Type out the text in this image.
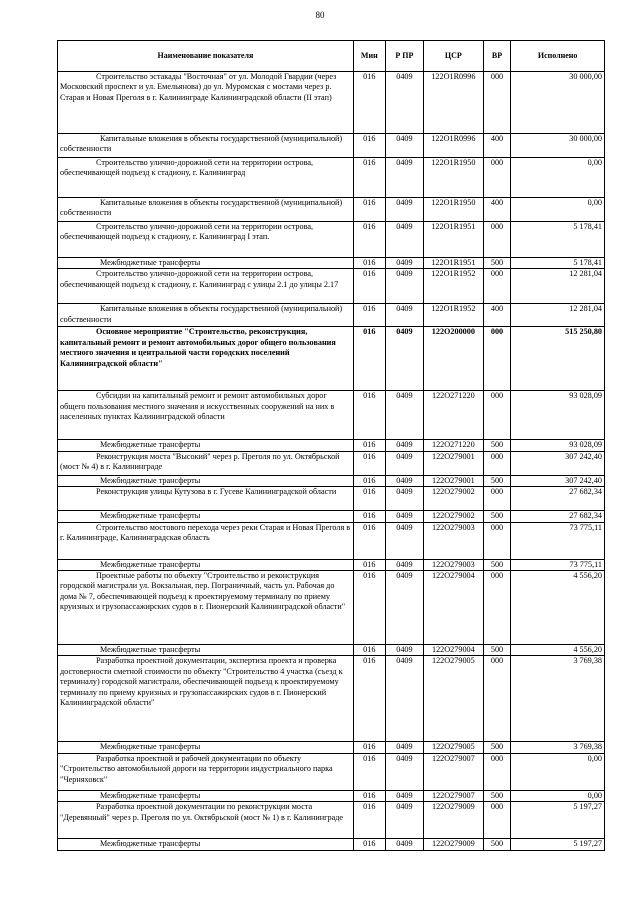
80
Наименование показателя	Мин	Р ПР	ЦСР	ВР	Исполнено
Строительство эстакады "Восточная" от ул. Молодой Гвардии (через Московский проспект и ул. Емельянова) до ул. Муромская с мостами через р. Старая и Новая Преголя в г. Калининграде Калининградской области (II этап)	016	0409	122O1R0996	000	30 000,00
Капитальные вложения в объекты государственной (муниципальной) собственности	016	0409	122O1R0996	400	30 000,00
Строительство улично-дорожной сети на территории острова, обеспечивающей подъезд к стадиону, г. Калининград	016	0409	122O1R1950	000	0,00
Капитальные вложения в объекты государственной (муниципальной) собственности	016	0409	122O1R1950	400	0,00
Строительство улично-дорожной сети на территории острова, обеспечивающей подъезд к стадиону, г. Калининград I этап.	016	0409	122O1R1951	000	5 178,41
Межбюджетные трансферты	016	0409	122O1R1951	500	5 178,41
Строительство улично-дорожной сети на территории острова, обеспечивающей подъезд к стадиону, г. Калининград с улицы 2.1 до улицы 2.17	016	0409	122O1R1952	000	12 281,04
Капитальные вложения в объекты государственной (муниципальной) собственности	016	0409	122O1R1952	400	12 281,04
Основное мероприятие "Строительство, реконструкция, капитальный ремонт и ремонт автомобильных дорог общего пользования местного значения и центральной части городских поселений Калининградской области"	016	0409	122O200000	000	515 250,80
Субсидии на капитальный ремонт и ремонт автомобильных дорог общего пользования местного значения и искусственных сооружений на них в населенных пунктах Калининградской области	016	0409	122O271220	000	93 028,09
Межбюджетные трансферты	016	0409	122O271220	500	93 028,09
Реконструкция моста "Высокий" через р. Преголя по ул. Октябрьской (мост № 4) в г. Калининграде	016	0409	122O279001	000	307 242,40
Межбюджетные трансферты	016	0409	122O279001	500	307 242,40
Реконструкция улицы Кутузова в г. Гусеве Калининградской области	016	0409	122O279002	000	27 682,34
Межбюджетные трансферты	016	0409	122O279002	500	27 682,34
Строительство мостового перехода через реки Старая и Новая Преголя в г. Калининграде, Калининградская область	016	0409	122O279003	000	73 775,11
Межбюджетные трансферты	016	0409	122O279003	500	73 775,11
Проектные работы по объекту "Строительство и реконструкция городской магистрали ул. Вокзальная, пер. Пограничный, часть ул. Рабочая до дома № 7, обеспечивающей подъезд к проектируемому терминалу по приему круизных и грузопассажирских судов в г. Пионерский Калининградской области"	016	0409	122O279004	000	4 556,20
Межбюджетные трансферты	016	0409	122O279004	500	4 556,20
Разработка проектной документации, экспертиза проекта и проверка достоверности сметной стоимости по объекту "Строительство 4 участка (съезд к терминалу) городской магистрали, обеспечивающей подъезд к проектируемому терминалу по приему круизных и грузопассажирских судов в г. Пионерский Калининградской области"	016	0409	122O279005	000	3 769,38
Межбюджетные трансферты	016	0409	122O279005	500	3 769,38
Разработка проектной и рабочей документации по объекту "Строительство автомобильной дороги на территории индустриального парка "Черняховск"	016	0409	122O279007	000	0,00
Межбюджетные трансферты	016	0409	122O279007	500	0,00
Разработка проектной документации по реконструкции моста "Деревянный" через р. Преголя по ул. Октябрьской (мост № 1) в г. Калининграде	016	0409	122O279009	000	5 197,27
Межбюджетные трансферты	016	0409	122O279009	500	5 197,27
